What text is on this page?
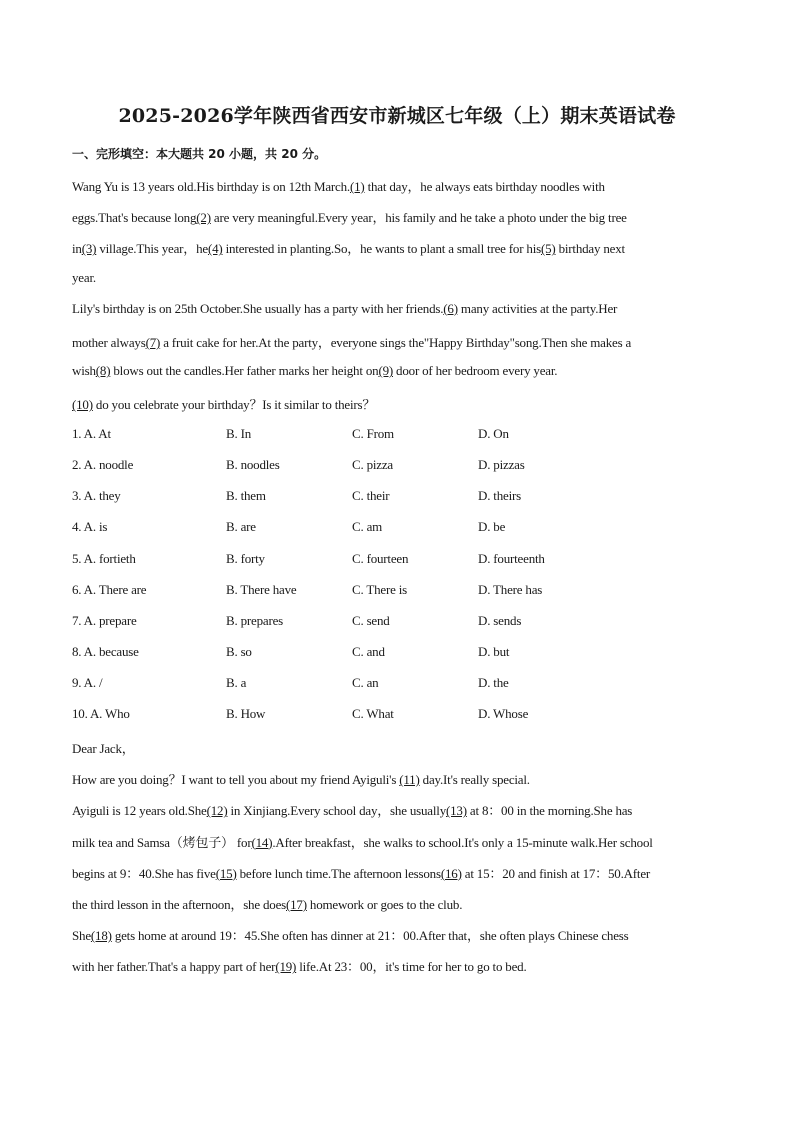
2025-2026学年陕西省西安市新城区七年级（上）期末英语试卷
一、完形填空：本大题共 20 小题，共 20 分。
Wang Yu is 13 years old.His birthday is on 12th March.(1) that day，he always eats birthday noodles with
eggs.That's because long(2) are very meaningful.Every year，his family and he take a photo under the big tree
in(3) village.This year，he(4) interested in planting.So，he wants to plant a small tree for his(5) birthday next
year.
Lily's birthday is on 25th October.She usually has a party with her friends.(6) many activities at the party.Her
mother always(7) a fruit cake for her.At the party，everyone sings the"Happy Birthday"song.Then she makes a
wish(8) blows out the candles.Her father marks her height on(9) door of her bedroom every year.
(10) do you celebrate your birthday？Is it similar to theirs？
1. A. At	B. In	C. From	D. On
2. A. noodle	B. noodles	C. pizza	D. pizzas
3. A. they	B. them	C. their	D. theirs
4. A. is	B. are	C. am	D. be
5. A. fortieth	B. forty	C. fourteen	D. fourteenth
6. A. There are	B. There have	C. There is	D. There has
7. A. prepare	B. prepares	C. send	D. sends
8. A. because	B. so	C. and	D. but
9. A. /	B. a	C. an	D. the
10. A. Who	B. How	C. What	D. Whose
Dear Jack，
How are you doing？I want to tell you about my friend Ayiguli's (11) day.It's really special.
Ayiguli is 12 years old.She(12) in Xinjiang.Every school day，she usually(13) at 8：00 in the morning.She has
milk tea and Samsa（烤包子） for(14).After breakfast，she walks to school.It's only a 15-minute walk.Her school
begins at 9：40.She has five(15) before lunch time.The afternoon lessons(16) at 15：20 and finish at 17：50.After
the third lesson in the afternoon，she does(17) homework or goes to the club.
She(18) gets home at around 19：45.She often has dinner at 21：00.After that，she often plays Chinese chess
with her father.That's a happy part of her(19) life.At 23：00，it's time for her to go to bed.
